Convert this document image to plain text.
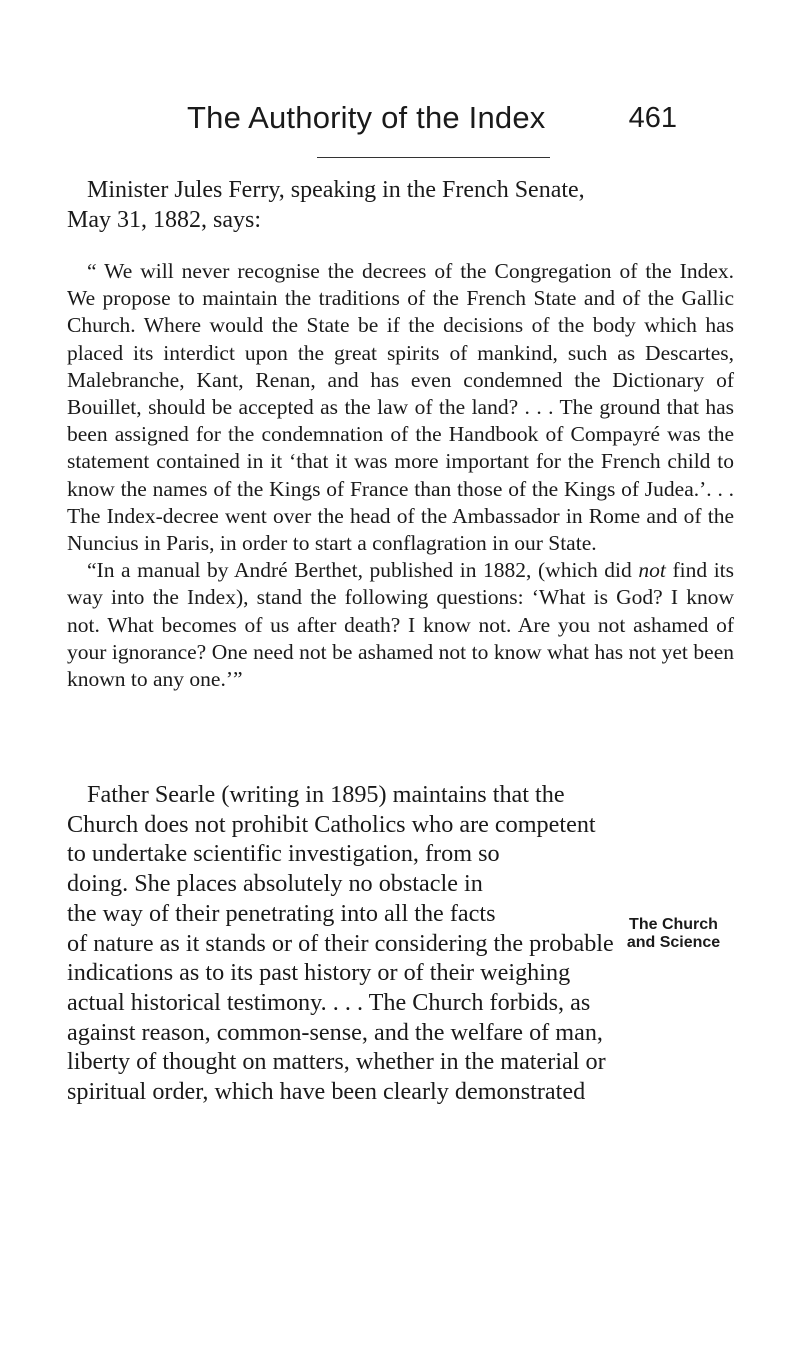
The Authority of the Index	461
Minister Jules Ferry, speaking in the French Senate,
May 31, 1882, says:

“ We will never recognise the decrees of the Congregation of the Index. We propose to maintain the traditions of the French State and of the Gallic Church. Where would the State be if the decisions of the body which has placed its interdict upon the great spirits of mankind, such as Descartes, Malebranche, Kant, Renan, and has even condemned the Dictionary of Bouillet, should be accepted as the law of the land? . . . The ground that has been assigned for the condemnation of the Handbook of Compayré was the statement contained in it ‘that it was more important for the French child to know the names of the Kings of France than those of the Kings of Judea.’. . . The Index-decree went over the head of the Ambassador in Rome and of the Nuncius in Paris, in order to start a conflagration in our State.

“In a manual by André Berthet, published in 1882, (which did not find its way into the Index), stand the following questions: ‘What is God? I know not. What becomes of us after death? I know not. Are you not ashamed of your ignorance? One need not be ashamed not to know what has not yet been known to any one.’”

Father Searle (writing in 1895) maintains that the
Church does not prohibit Catholics who are competent
to undertake scientific investigation, from so
doing. She places absolutely no obstacle in
the way of their penetrating into all the facts
of nature as it stands or of their considering the probable
indications as to its past history or of their weighing
actual historical testimony. . . . The Church forbids, as
against reason, common-sense, and the welfare of man,
liberty of thought on matters, whether in the material or
spiritual order, which have been clearly demonstrated
The Church
and Science
